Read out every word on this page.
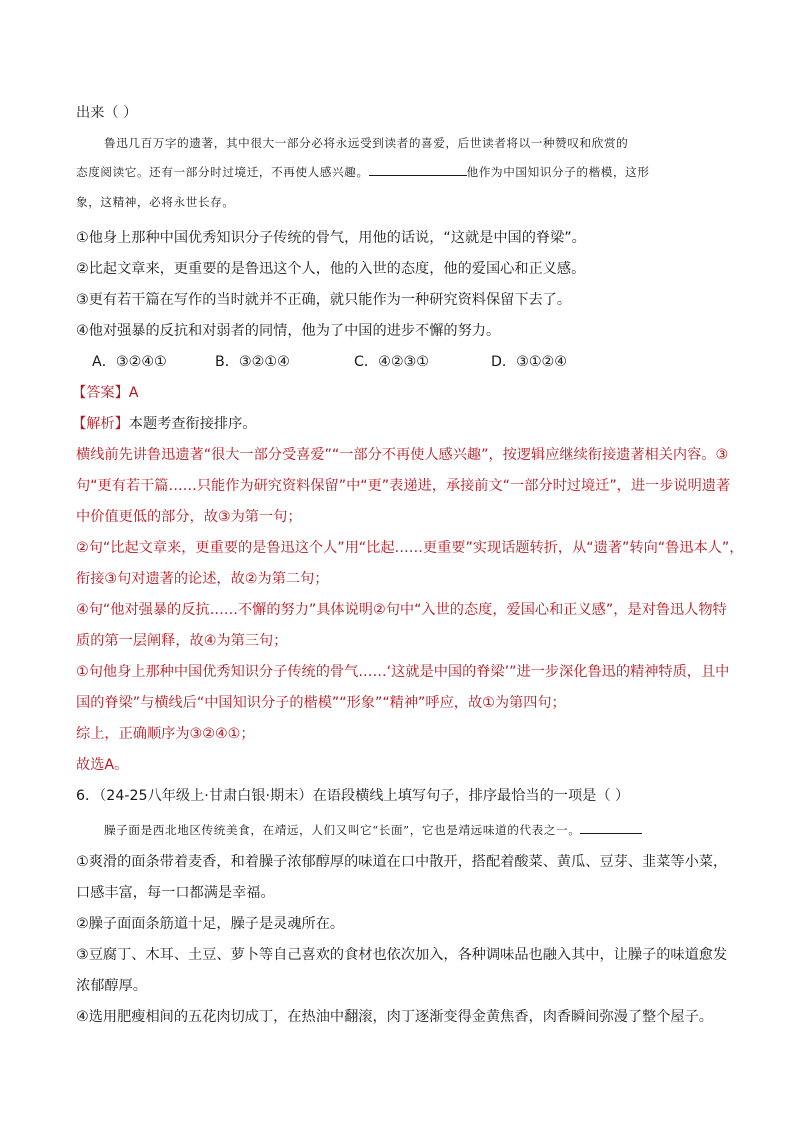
出来（ ）
鲁迅几百万字的遗著，其中很大一部分必将永远受到读者的喜爱，后世读者将以一种赞叹和欣赏的
态度阅读它。还有一部分时过境迁，不再使人感兴趣。	他作为中国知识分子的楷模，这形
象，这精神，必将永世长存。
①他身上那种中国优秀知识分子传统的骨气，用他的话说，“这就是中国的脊梁”。
②比起文章来，更重要的是鲁迅这个人，他的入世的态度，他的爱国心和正义感。
③更有若干篇在写作的当时就并不正确，就只能作为一种研究资料保留下去了。
④他对强暴的反抗和对弱者的同情，他为了中国的进步不懈的努力。
A．③②④①	B．③②①④	C．④②③①	D．③①②④
【答案】A
【解析】本题考查衔接排序。
横线前先讲鲁迅遗著“很大一部分受喜爱”“一部分不再使人感兴趣”，按逻辑应继续衔接遗著相关内容。③
句“更有若干篇……只能作为研究资料保留”中“更”表递进，承接前文“一部分时过境迁”，进一步说明遗著
中价值更低的部分，故③为第一句；
②句“比起文章来，更重要的是鲁迅这个人”用“比起……更重要”实现话题转折，从“遗著”转向“鲁迅本人”，
衔接③句对遗著的论述，故②为第二句；
④句“他对强暴的反抗……不懈的努力”具体说明②句中“入世的态度，爱国心和正义感”，是对鲁迅人物特
质的第一层阐释，故④为第三句；
①句他身上那种中国优秀知识分子传统的骨气……‘这就是中国的脊梁’”进一步深化鲁迅的精神特质，且中
国的脊梁”与横线后“中国知识分子的楷模”“形象”“精神”呼应，故①为第四句；
综上，正确顺序为③②④①；
故选A。
6．（24-25八年级上·甘肃白银·期末）在语段横线上填写句子，排序最恰当的一项是（ ）
臊子面是西北地区传统美食，在靖远，人们又叫它“长面”，它也是靖远味道的代表之一。
①爽滑的面条带着麦香，和着臊子浓郁醇厚的味道在口中散开，搭配着酸菜、黄瓜、豆芽、韭菜等小菜，
口感丰富，每一口都满是幸福。
②臊子面面条筋道十足，臊子是灵魂所在。
③豆腐丁、木耳、土豆、萝卜等自己喜欢的食材也依次加入，各种调味品也融入其中，让臊子的味道愈发
浓郁醇厚。
④选用肥瘦相间的五花肉切成丁，在热油中翻滚，肉丁逐渐变得金黄焦香，肉香瞬间弥漫了整个屋子。
